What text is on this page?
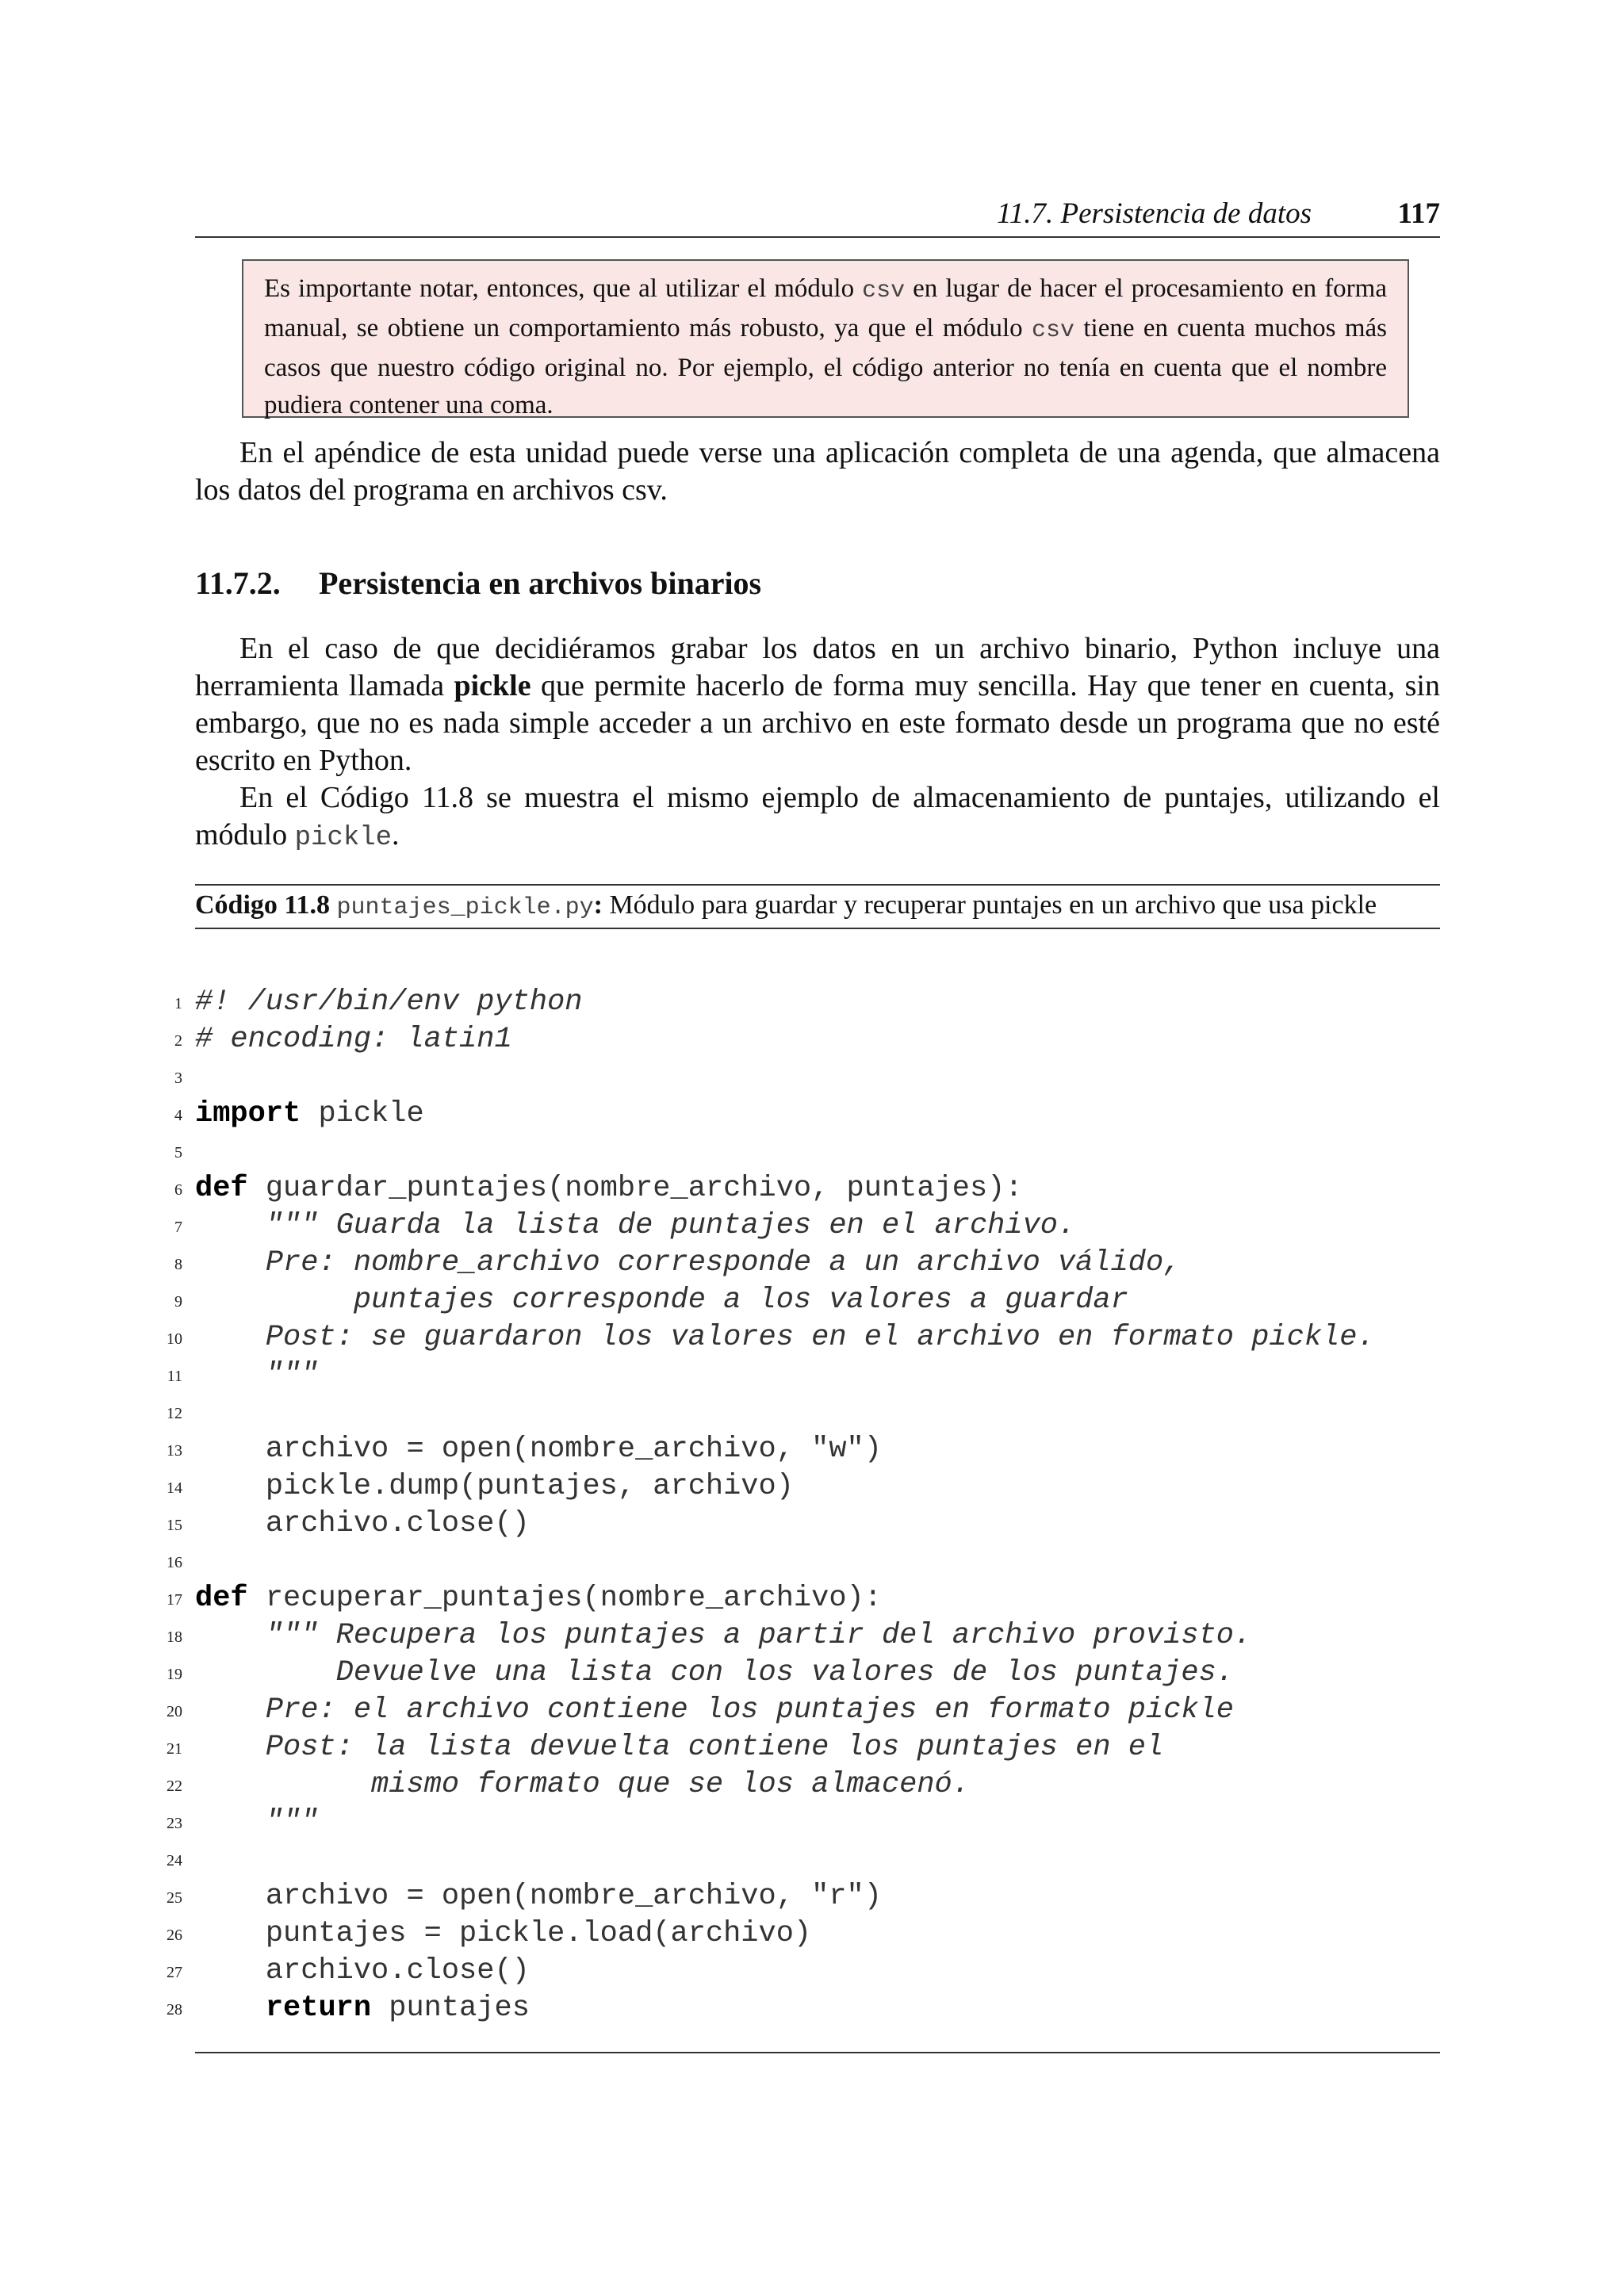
11.7. Persistencia de datos	117
Es importante notar, entonces, que al utilizar el módulo csv en lugar de hacer el procesamiento en forma manual, se obtiene un comportamiento más robusto, ya que el módulo csv tiene en cuenta muchos más casos que nuestro código original no. Por ejemplo, el código anterior no tenía en cuenta que el nombre pudiera contener una coma.
En el apéndice de esta unidad puede verse una aplicación completa de una agenda, que almacena los datos del programa en archivos csv.
11.7.2. Persistencia en archivos binarios
En el caso de que decidiéramos grabar los datos en un archivo binario, Python incluye una herramienta llamada pickle que permite hacerlo de forma muy sencilla. Hay que tener en cuenta, sin embargo, que no es nada simple acceder a un archivo en este formato desde un programa que no esté escrito en Python.
En el Código 11.8 se muestra el mismo ejemplo de almacenamiento de puntajes, utilizando el módulo pickle.
Código 11.8 puntajes_pickle.py: Módulo para guardar y recuperar puntajes en un archivo que usa pickle
1 #! /usr/bin/env python
2 # encoding: latin1
3
4 import pickle
5
6 def guardar_puntajes(nombre_archivo, puntajes):
7	""" Guarda la lista de puntajes en el archivo.
8 Pre: nombre_archivo corresponde a un archivo válido,
9 puntajes corresponde a los valores a guardar
10 Post: se guardaron los valores en el archivo en formato pickle.
11 """
12
13 archivo = open(nombre_archivo, "w")
14 pickle.dump(puntajes, archivo)
15 archivo.close()
16
17 def recuperar_puntajes(nombre_archivo):
18 """ Recupera los puntajes a partir del archivo provisto.
19 Devuelve una lista con los valores de los puntajes.
20 Pre: el archivo contiene los puntajes en formato pickle
21 Post: la lista devuelta contiene los puntajes en el
22 mismo formato que se los almacenó.
23 """
24
25 archivo = open(nombre_archivo, "r")
26 puntajes = pickle.load(archivo)
27 archivo.close()
28	return puntajes
